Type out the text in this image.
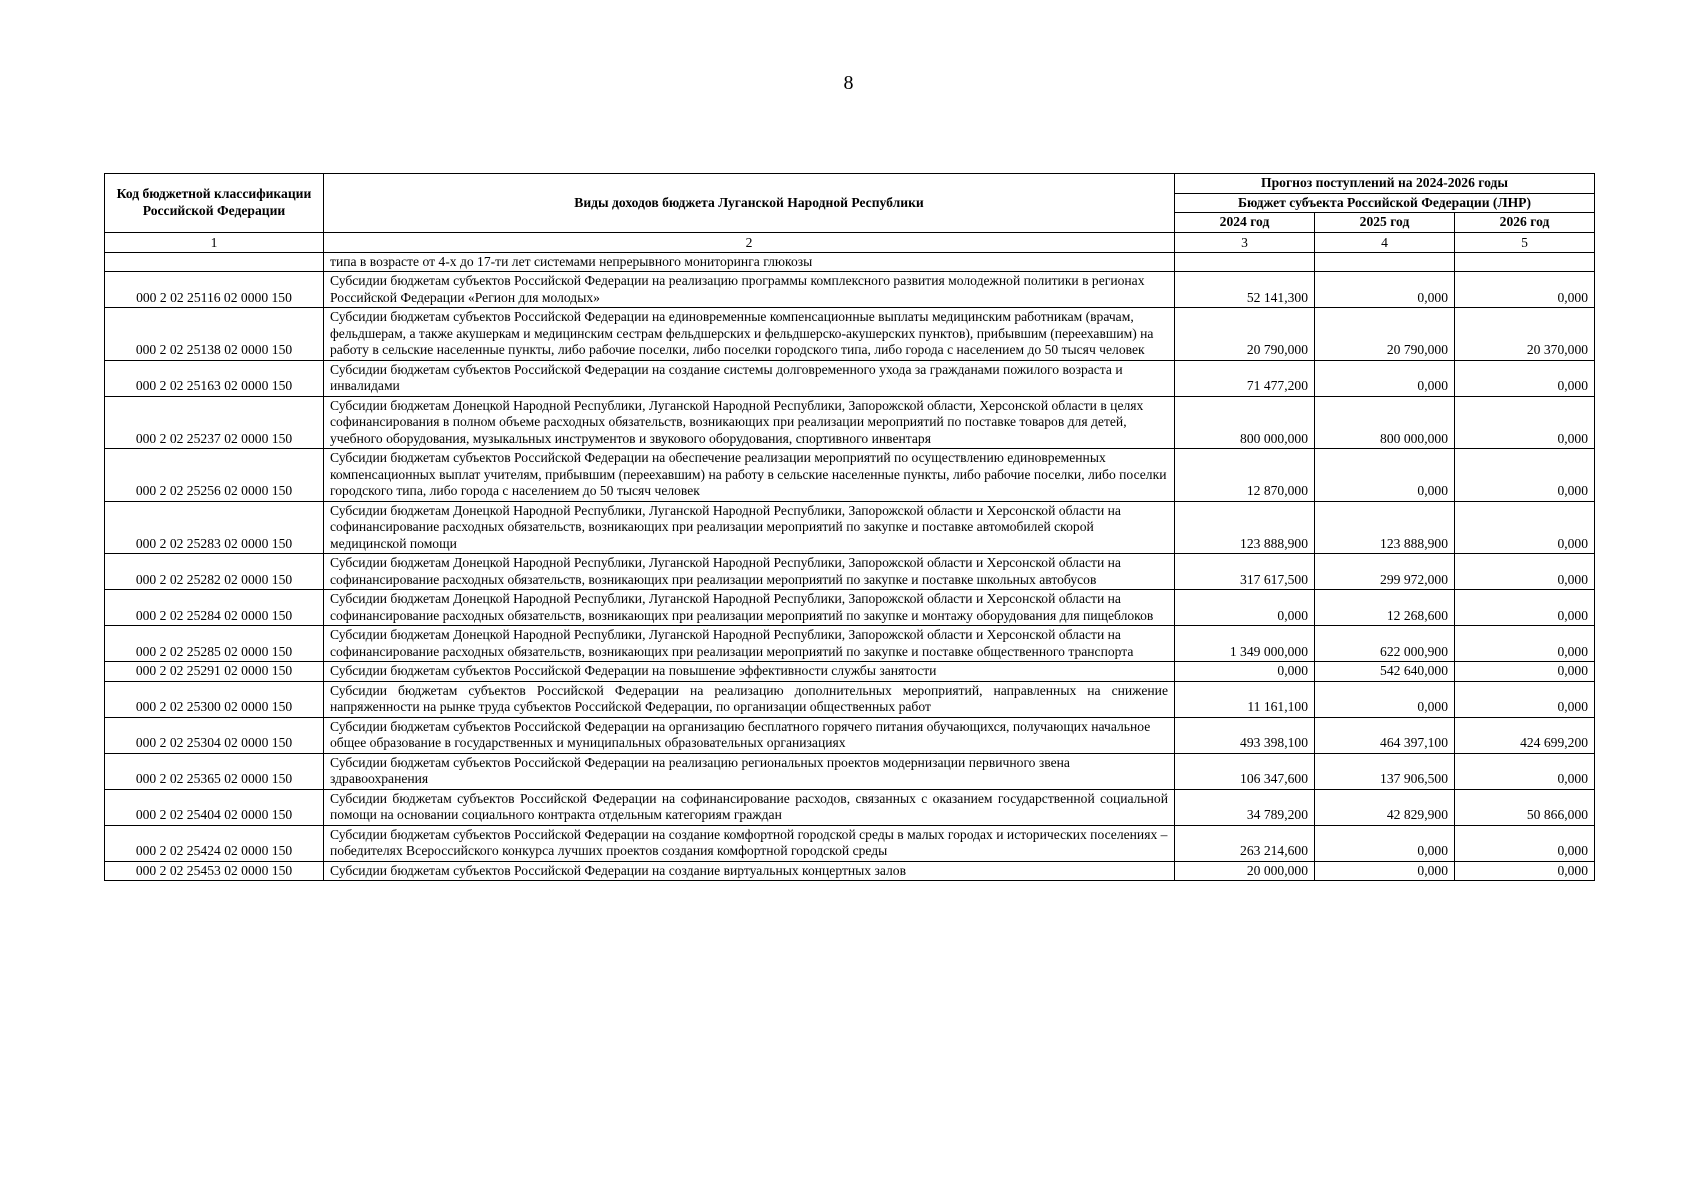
8
Код бюджетной классификации Российской Федерации	Виды доходов бюджета Луганской Народной Республики	Прогноз поступлений на 2024-2026 годы		
		Бюджет субъекта Российской Федерации (ЛНР)		
		2024 год	2025 год	2026 год
1	2	3	4	5
	типа в возрасте от 4-х до 17-ти лет системами непрерывного мониторинга глюкозы			
000 2 02 25116 02 0000 150	Субсидии бюджетам субъектов Российской Федерации на реализацию программы комплексного развития молодежной политики в регионах Российской Федерации «Регион для молодых»	52 141,300	0,000	0,000
000 2 02 25138 02 0000 150	Субсидии бюджетам субъектов Российской Федерации на единовременные компенсационные выплаты медицинским работникам (врачам, фельдшерам, а также акушеркам и медицинским сестрам фельдшерских и фельдшерско-акушерских пунктов), прибывшим (переехавшим) на работу в сельские населенные пункты, либо рабочие поселки, либо поселки городского типа, либо города с населением до 50 тысяч человек	20 790,000	20 790,000	20 370,000
000 2 02 25163 02 0000 150	Субсидии бюджетам субъектов Российской Федерации на создание системы долговременного ухода за гражданами пожилого возраста и инвалидами	71 477,200	0,000	0,000
000 2 02 25237 02 0000 150	Субсидии бюджетам Донецкой Народной Республики, Луганской Народной Республики, Запорожской области, Херсонской области в целях софинансирования в полном объеме расходных обязательств, возникающих при реализации мероприятий по поставке товаров для детей, учебного оборудования, музыкальных инструментов и звукового оборудования, спортивного инвентаря	800 000,000	800 000,000	0,000
000 2 02 25256 02 0000 150	Субсидии бюджетам субъектов Российской Федерации на обеспечение реализации мероприятий по осуществлению единовременных компенсационных выплат учителям, прибывшим (переехавшим) на работу в сельские населенные пункты, либо рабочие поселки, либо поселки городского типа, либо города с населением до 50 тысяч человек	12 870,000	0,000	0,000
000 2 02 25283 02 0000 150	Субсидии бюджетам Донецкой Народной Республики, Луганской Народной Республики, Запорожской области и Херсонской области на софинансирование расходных обязательств, возникающих при реализации мероприятий по закупке и поставке автомобилей скорой медицинской помощи	123 888,900	123 888,900	0,000
000 2 02 25282 02 0000 150	Субсидии бюджетам Донецкой Народной Республики, Луганской Народной Республики, Запорожской области и Херсонской области на софинансирование расходных обязательств, возникающих при реализации мероприятий по закупке и поставке школьных автобусов	317 617,500	299 972,000	0,000
000 2 02 25284 02 0000 150	Субсидии бюджетам Донецкой Народной Республики, Луганской Народной Республики, Запорожской области и Херсонской области на софинансирование расходных обязательств, возникающих при реализации мероприятий по закупке и монтажу оборудования для пищеблоков	0,000	12 268,600	0,000
000 2 02 25285 02 0000 150	Субсидии бюджетам Донецкой Народной Республики, Луганской Народной Республики, Запорожской области и Херсонской области на софинансирование расходных обязательств, возникающих при реализации мероприятий по закупке и поставке общественного транспорта	1 349 000,000	622 000,900	0,000
000 2 02 25291 02 0000 150	Субсидии бюджетам субъектов Российской Федерации на повышение эффективности службы занятости	0,000	542 640,000	0,000
000 2 02 25300 02 0000 150	Субсидии бюджетам субъектов Российской Федерации на реализацию дополнительных мероприятий, направленных на снижение напряженности на рынке труда субъектов Российской Федерации, по организации общественных работ	11 161,100	0,000	0,000
000 2 02 25304 02 0000 150	Субсидии бюджетам субъектов Российской Федерации на организацию бесплатного горячего питания обучающихся, получающих начальное общее образование в государственных и муниципальных образовательных организациях	493 398,100	464 397,100	424 699,200
000 2 02 25365 02 0000 150	Субсидии бюджетам субъектов Российской Федерации на реализацию региональных проектов модернизации первичного звена здравоохранения	106 347,600	137 906,500	0,000
000 2 02 25404 02 0000 150	Субсидии бюджетам субъектов Российской Федерации на софинансирование расходов, связанных с оказанием государственной социальной помощи на основании социального контракта отдельным категориям граждан	34 789,200	42 829,900	50 866,000
000 2 02 25424 02 0000 150	Субсидии бюджетам субъектов Российской Федерации на создание комфортной городской среды в малых городах и исторических поселениях – победителях Всероссийского конкурса лучших проектов создания комфортной городской среды	263 214,600	0,000	0,000
000 2 02 25453 02 0000 150	Субсидии бюджетам субъектов Российской Федерации на создание виртуальных концертных залов	20 000,000	0,000	0,000
